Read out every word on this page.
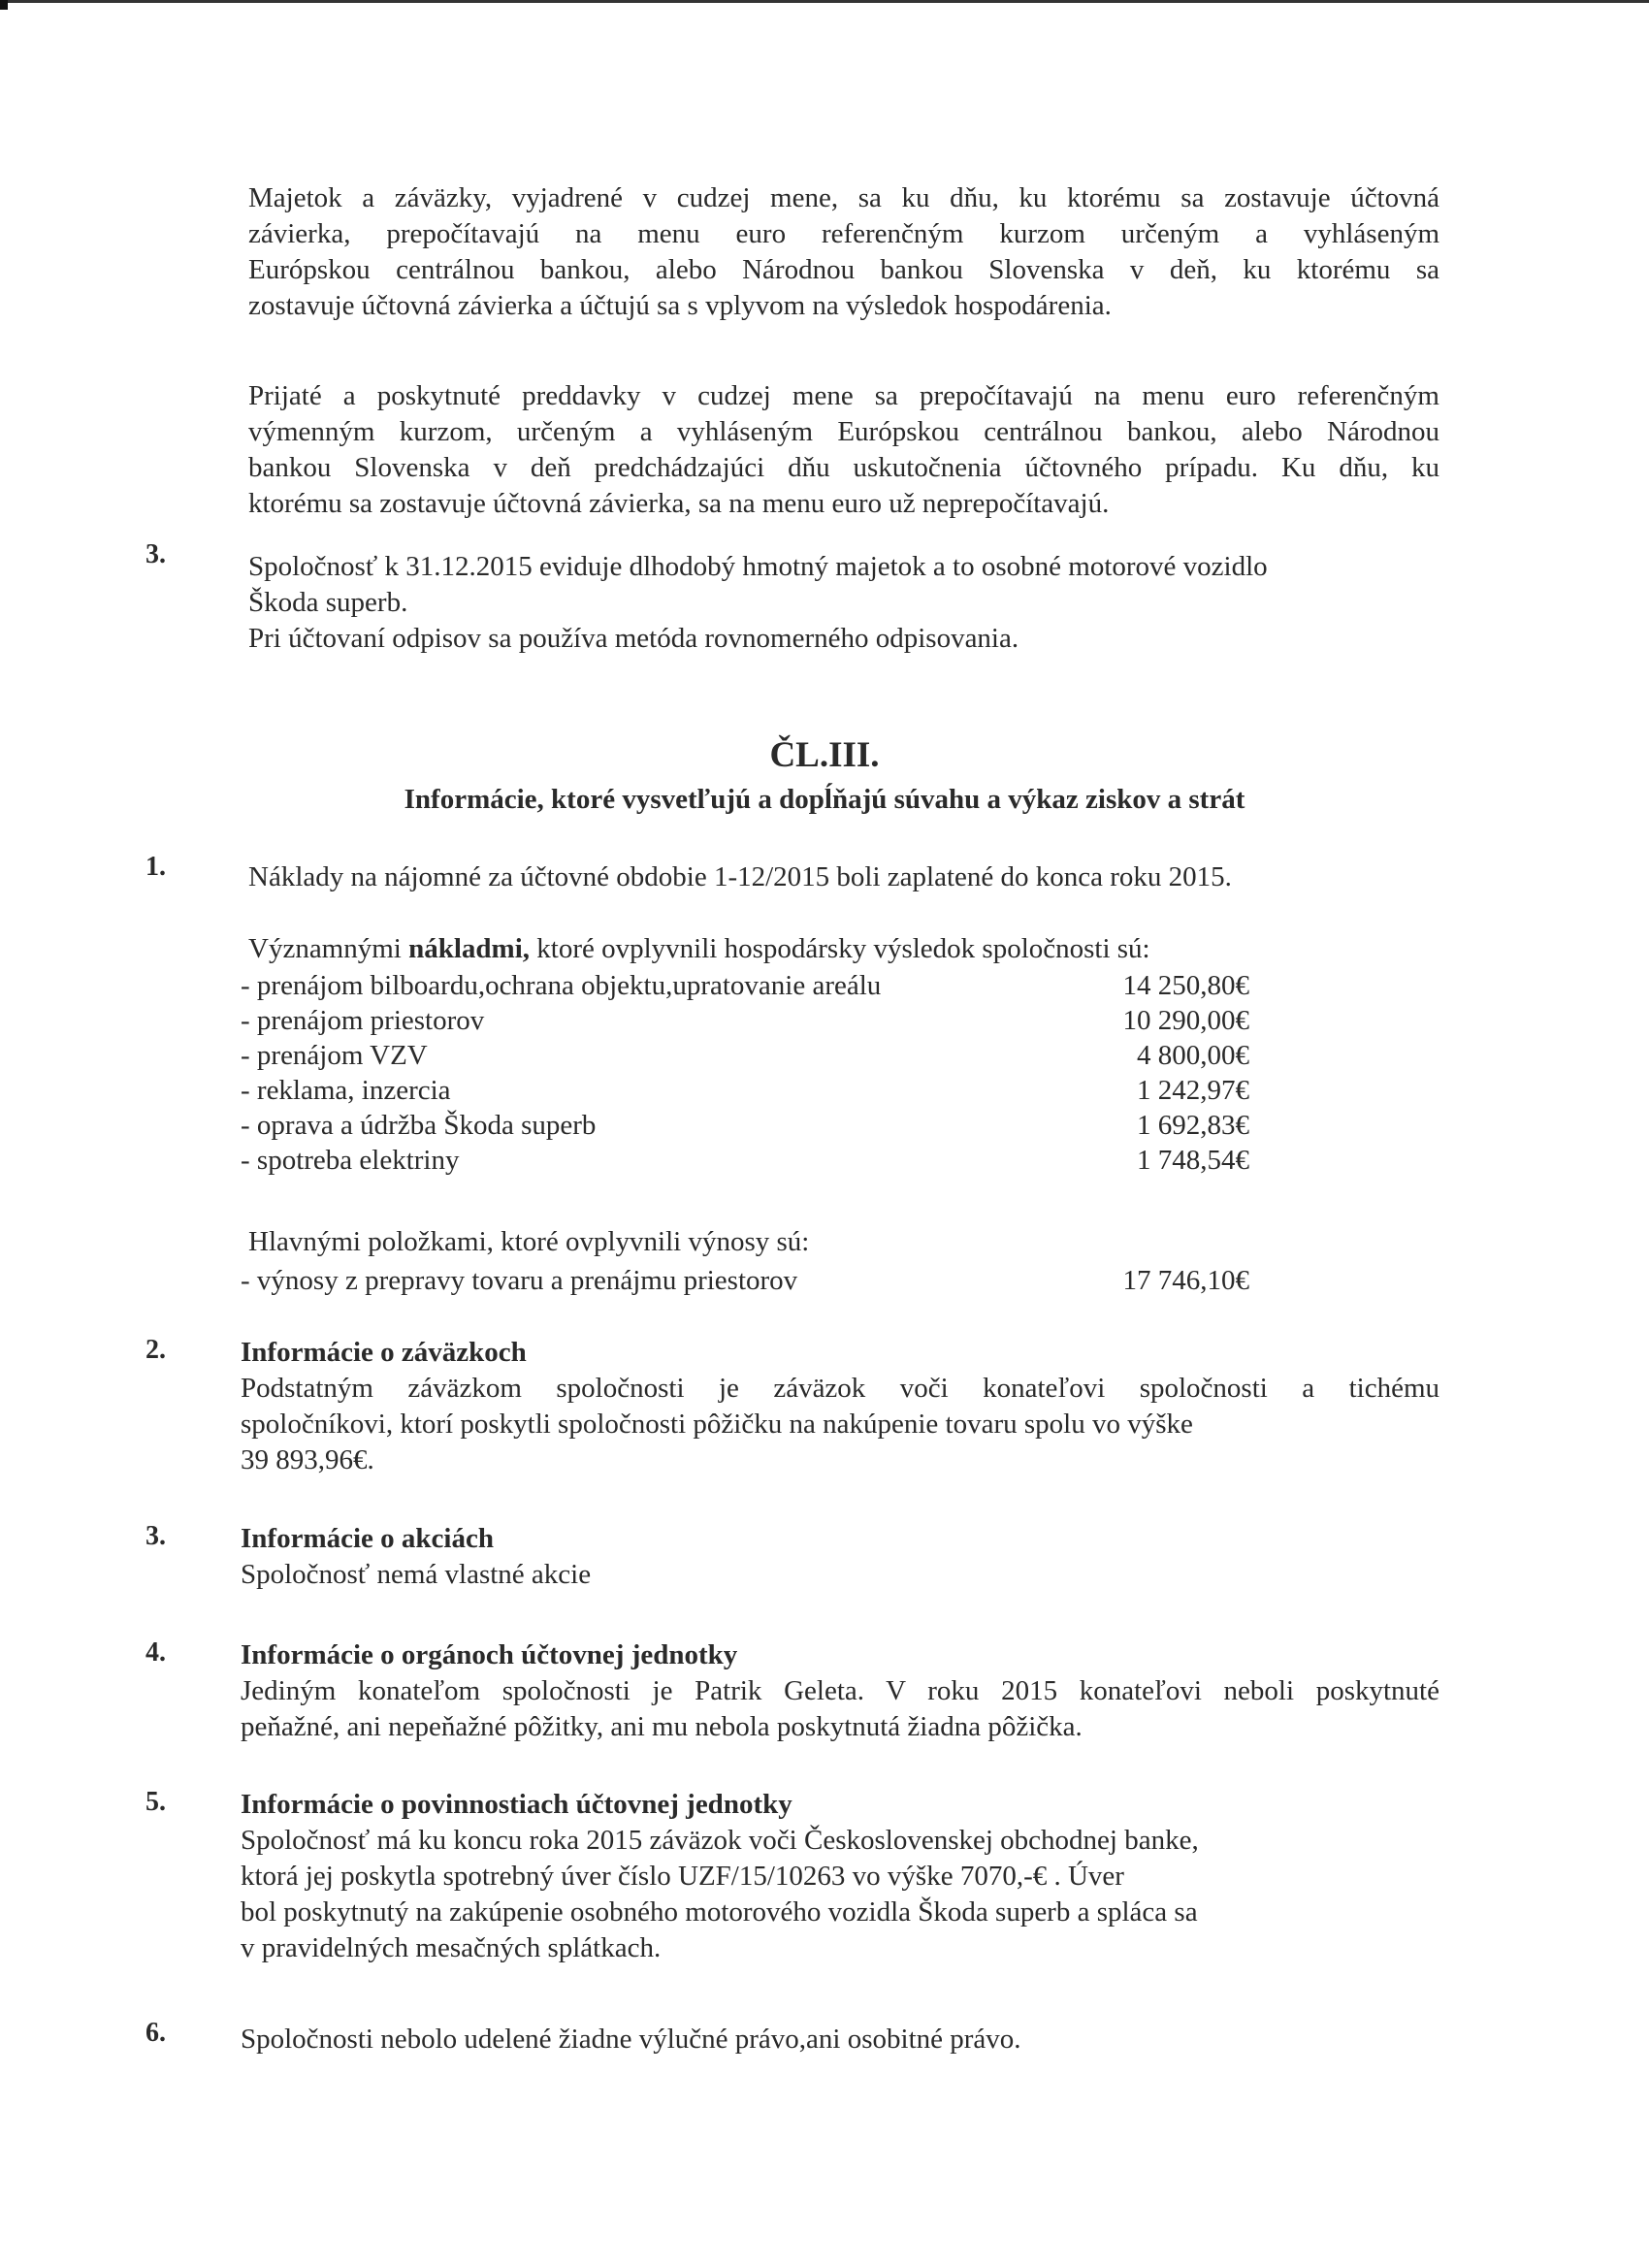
Majetok a záväzky, vyjadrené v cudzej mene, sa ku dňu, ku ktorému sa zostavuje účtovná
závierka, prepočítavajú na menu euro referenčným kurzom určeným a vyhláseným
Európskou centrálnou bankou, alebo Národnou bankou Slovenska v deň, ku ktorému sa
zostavuje účtovná závierka a účtujú sa s vplyvom na výsledok hospodárenia.
Prijaté a poskytnuté preddavky v cudzej mene sa prepočítavajú na menu euro referenčným
výmenným kurzom, určeným a vyhláseným Európskou centrálnou bankou, alebo Národnou
bankou Slovenska v deň predchádzajúci dňu uskutočnenia účtovného prípadu. Ku dňu, ku
ktorému sa zostavuje účtovná závierka, sa na menu euro už neprepočítavajú.
3.	Spoločnosť k 31.12.2015 eviduje dlhodobý hmotný majetok a to osobné motorové vozidlo
Škoda superb.
Pri účtovaní odpisov sa používa metóda rovnomerného odpisovania.
ČL.III.
Informácie, ktoré vysvetľujú a dopĺňajú súvahu a výkaz ziskov a strát
1.	Náklady na nájomné za účtovné obdobie 1-12/2015 boli zaplatené do konca roku 2015.
Významnými nákladmi, ktoré ovplyvnili hospodársky výsledok spoločnosti sú:
- prenájom bilboardu,ochrana objektu,upratovanie areálu	14 250,80€
- prenájom priestorov	10 290,00€
- prenájom VZV	4 800,00€
- reklama, inzercia	1 242,97€
- oprava a údržba Škoda superb	1 692,83€
- spotreba elektriny	1 748,54€
Hlavnými položkami, ktoré ovplyvnili výnosy sú:
- výnosy z prepravy tovaru a prenájmu priestorov	17 746,10€
2.	Informácie o záväzkoch
Podstatným záväzkom spoločnosti je záväzok voči konateľovi spoločnosti a tichému
spoločníkovi, ktorí poskytli spoločnosti pôžičku na nakúpenie tovaru spolu vo výške
39 893,96€.
3.	Informácie o akciách
Spoločnosť nemá vlastné akcie
4.	Informácie o orgánoch účtovnej jednotky
Jediným konateľom spoločnosti je Patrik Geleta. V roku 2015 konateľovi neboli poskytnuté
peňažné, ani nepeňažné pôžitky, ani mu nebola poskytnutá žiadna pôžička.
5.	Informácie o povinnostiach účtovnej jednotky
Spoločnosť má ku koncu roka 2015 záväzok voči Československej obchodnej banke,
ktorá jej poskytla spotrebný úver číslo UZF/15/10263 vo výške 7070,-€ . Úver
bol poskytnutý na zakúpenie osobného motorového vozidla Škoda superb a spláca sa
v pravidelných mesačných splátkach.
6.	Spoločnosti nebolo udelené žiadne výlučné právo,ani osobitné právo.
